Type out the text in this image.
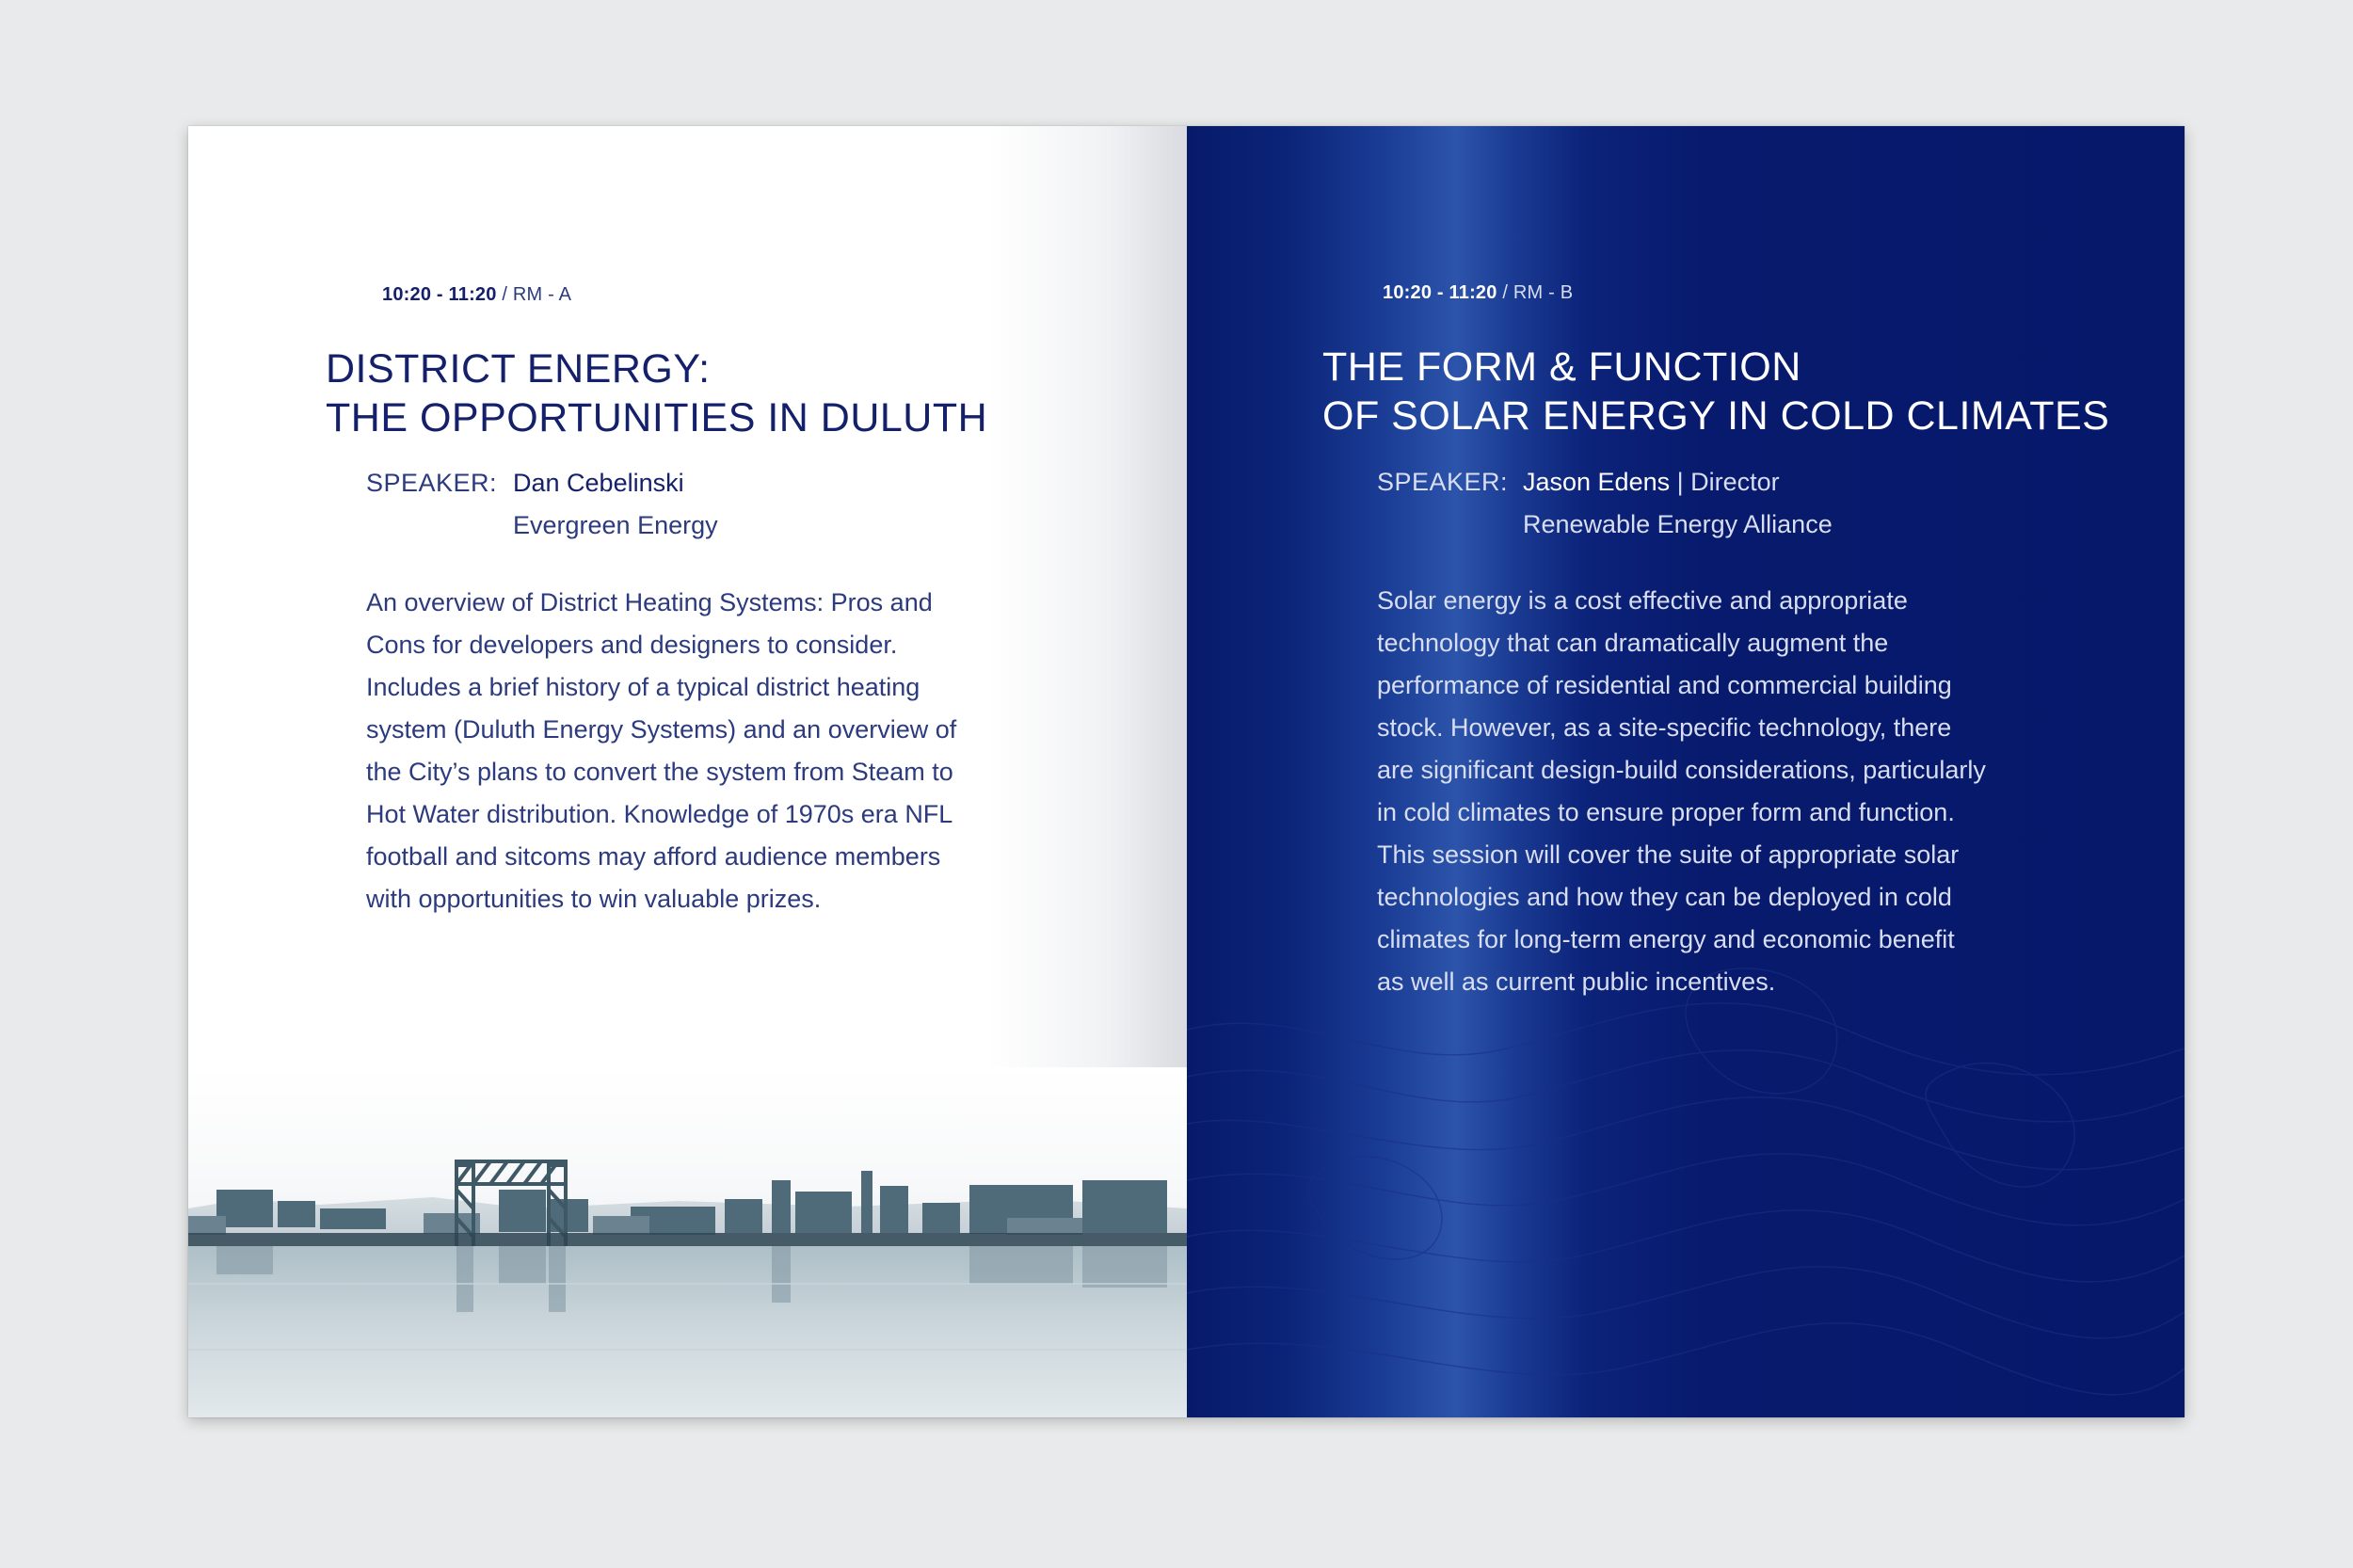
10:20 - 11:20 / RM - A
DISTRICT ENERGY:
THE OPPORTUNITIES IN DULUTH
SPEAKER: Dan Cebelinski
Evergreen Energy
An overview of District Heating Systems: Pros and
Cons for developers and designers to consider.
Includes a brief history of a typical district heating
system (Duluth Energy Systems) and an overview of
the City’s plans to convert the system from Steam to
Hot Water distribution. Knowledge of 1970s era NFL
football and sitcoms may afford audience members
with opportunities to win valuable prizes.
10:20 - 11:20 / RM - B
THE FORM & FUNCTION
OF SOLAR ENERGY IN COLD CLIMATES
SPEAKER: Jason Edens | Director
Renewable Energy Alliance
Solar energy is a cost effective and appropriate
technology that can dramatically augment the
performance of residential and commercial building
stock. However, as a site-specific technology, there
are significant design-build considerations, particularly
in cold climates to ensure proper form and function.
This session will cover the suite of appropriate solar
technologies and how they can be deployed in cold
climates for long-term energy and economic benefit
as well as current public incentives.
